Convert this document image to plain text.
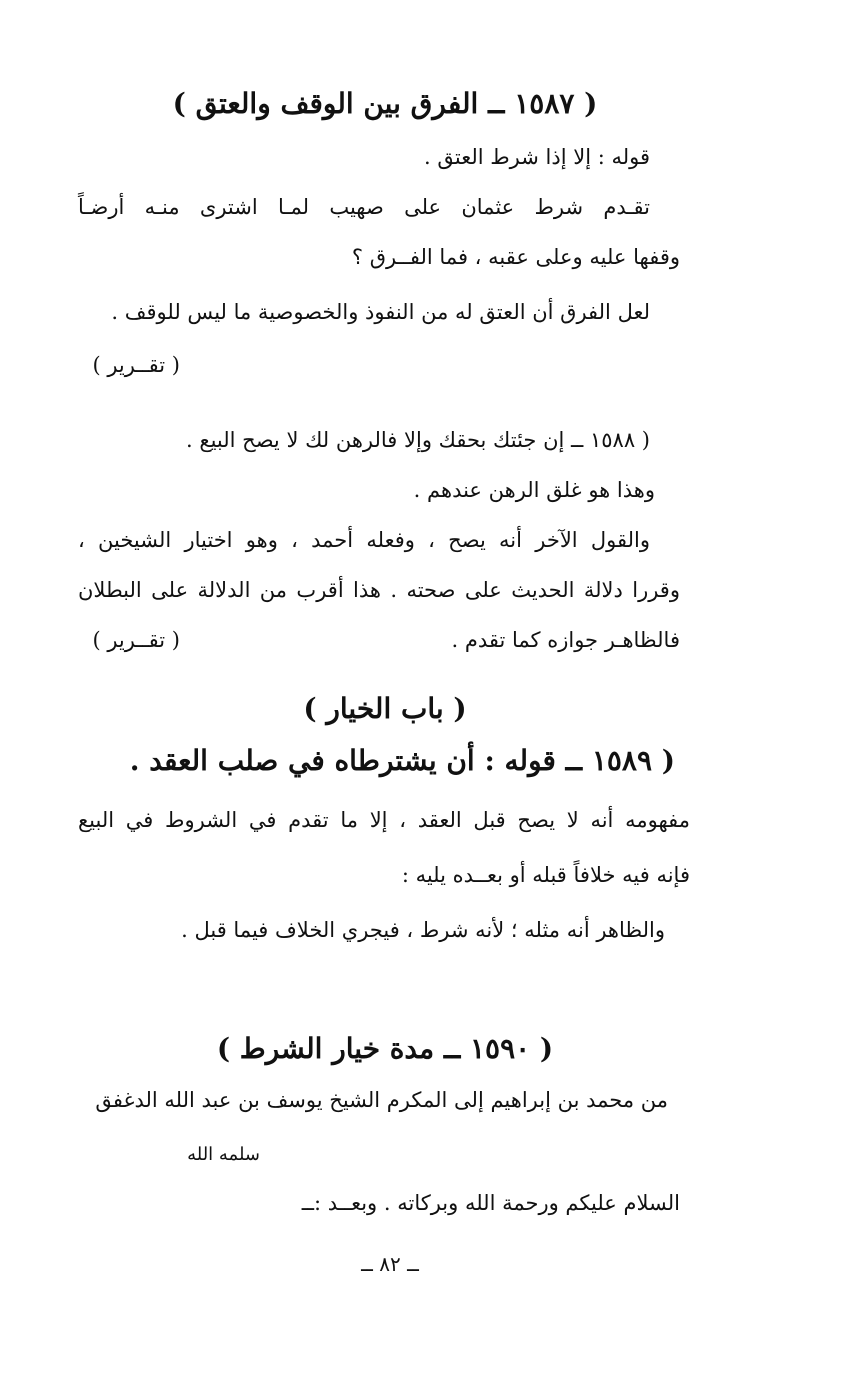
( ١٥٨٧ ــ الفرق بين الوقف والعتق )
قوله : إلا إذا شرط العتق .
تقـدم شرط عثمان على صهيب لمـا اشترى منـه أرضـاً
وقفها عليه وعلى عقبه ، فما الفــرق ؟
لعل الفرق أن العتق له من النفوذ والخصوصية ما ليس للوقف .
( تقــرير )
( ١٥٨٨ ــ إن جئتك بحقك وإلا فالرهن لك لا يصح البيع .
وهذا هو غلق الرهن عندهم .
والقول الآخر أنه يصح ، وفعله أحمد ، وهو اختيار الشيخين ،
وقررا دلالة الحديث على صحته . هذا أقرب من الدلالة على البطلان
فالظاهـر جوازه كما تقدم .
( تقــرير )
( باب الخيار )
( ١٥٨٩ ــ قوله : أن يشترطاه في صلب العقد .
مفهومه أنه لا يصح قبل العقد ، إلا ما تقدم في الشروط في البيع
فإنه فيه خلافاً قبله أو بعــده يليه :
والظاهر أنه مثله ؛ لأنه شرط ، فيجري الخلاف فيما قبل .
( ١٥٩٠ ــ مدة خيار الشرط )
من محمد بن إبراهيم إلى المكرم الشيخ يوسف بن عبد الله الدغفق
سلمه الله
السلام عليكم ورحمة الله وبركاته . وبعــد :ــ
ــ ٨٢ ــ
